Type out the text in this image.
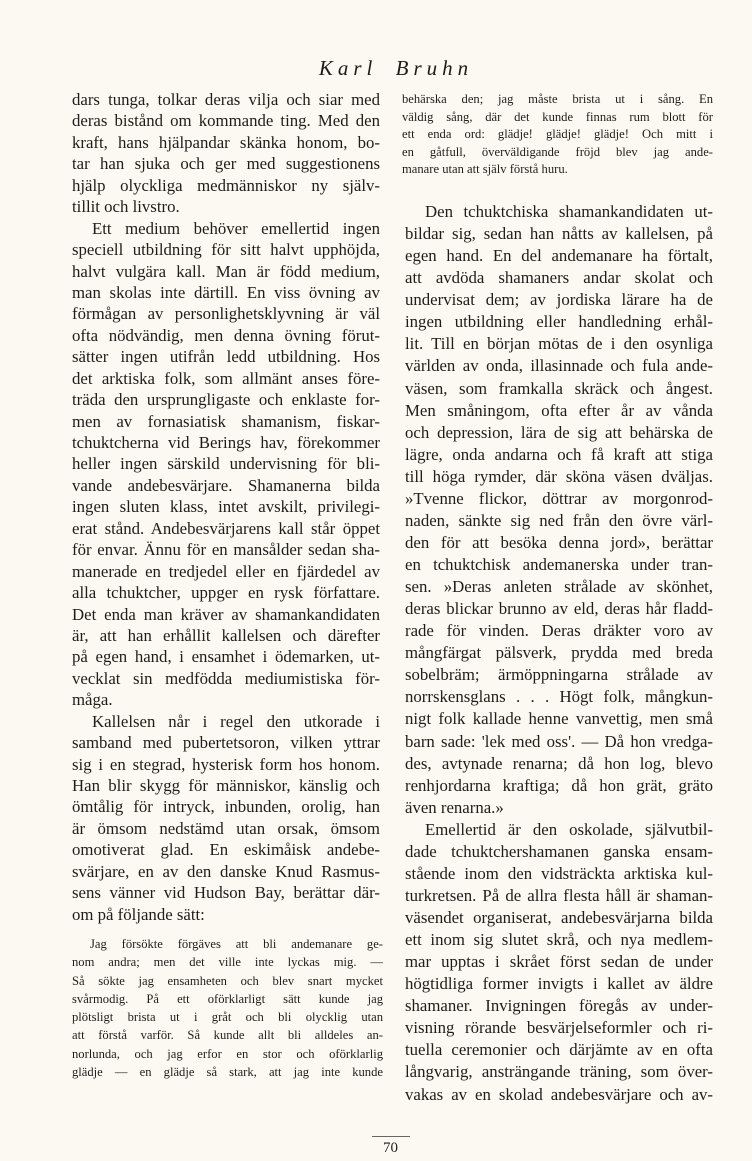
Karl Bruhn
dars tunga, tolkar deras vilja och siar med
deras bistånd om kommande ting. Med den
kraft, hans hjälpandar skänka honom, bo-
tar han sjuka och ger med suggestionens
hjälp olyckliga medmänniskor ny själv-
tillit och livstro.
Ett medium behöver emellertid ingen
speciell utbildning för sitt halvt upphöjda,
halvt vulgära kall. Man är född medium,
man skolas inte därtill. En viss övning av
förmågan av personlighetsklyvning är väl
ofta nödvändig, men denna övning förut-
sätter ingen utifrån ledd utbildning. Hos
det arktiska folk, som allmänt anses före-
träda den ursprungligaste och enklaste for-
men av fornasiatisk shamanism, fiskar-
tchuktcherna vid Berings hav, förekommer
heller ingen särskild undervisning för bli-
vande andebesvärjare. Shamanerna bilda
ingen sluten klass, intet avskilt, privilegi-
erat stånd. Andebesvärjarens kall står öppet
för envar. Ännu för en mansålder sedan sha-
manerade en tredjedel eller en fjärdedel av
alla tchuktcher, uppger en rysk författare.
Det enda man kräver av shamankandidaten
är, att han erhållit kallelsen och därefter
på egen hand, i ensamhet i ödemarken, ut-
vecklat sin medfödda mediumistiska för-
måga.
Kallelsen når i regel den utkorade i
samband med pubertetsoron, vilken yttrar
sig i en stegrad, hysterisk form hos honom.
Han blir skygg för människor, känslig och
ömtålig för intryck, inbunden, orolig, han
är ömsom nedstämd utan orsak, ömsom
omotiverat glad. En eskimåisk andebe-
svärjare, en av den danske Knud Rasmus-
sens vänner vid Hudson Bay, berättar där-
om på följande sätt:
Jag försökte förgäves att bli andemanare ge-
nom andra; men det ville inte lyckas mig. —
Så sökte jag ensamheten och blev snart mycket
svårmodig. På ett oförklarligt sätt kunde jag
plötsligt brista ut i gråt och bli olycklig utan
att förstå varför. Så kunde allt bli alldeles an-
norlunda, och jag erfor en stor och oförklarlig
glädje — en glädje så stark, att jag inte kunde
behärska den; jag måste brista ut i sång. En
väldig sång, där det kunde finnas rum blott för
ett enda ord: glädje! glädje! glädje! Och mitt i
en gåtfull, överväldigande fröjd blev jag ande-
manare utan att själv förstå huru.
Den tchuktchiska shamankandidaten ut-
bildar sig, sedan han nåtts av kallelsen, på
egen hand. En del andemanare ha förtalt,
att avdöda shamaners andar skolat och
undervisat dem; av jordiska lärare ha de
ingen utbildning eller handledning erhål-
lit. Till en början mötas de i den osynliga
världen av onda, illasinnade och fula ande-
väsen, som framkalla skräck och ångest.
Men småningom, ofta efter år av vånda
och depression, lära de sig att behärska de
lägre, onda andarna och få kraft att stiga
till höga rymder, där sköna väsen dväljas.
»Tvenne flickor, döttrar av morgonrod-
naden, sänkte sig ned från den övre värl-
den för att besöka denna jord», berättar
en tchuktchisk andemanerska under tran-
sen. »Deras anleten strålade av skönhet,
deras blickar brunno av eld, deras hår fladd-
rade för vinden. Deras dräkter voro av
mångfärgat pälsverk, prydda med breda
sobelbräm; ärmöppningarna strålade av
norrskensglans . . . Högt folk, mångkun-
nigt folk kallade henne vanvettig, men små
barn sade: 'lek med oss'. — Då hon vredga-
des, avtynade renarna; då hon log, blevo
renhjordarna kraftiga; då hon grät, gräto
även renarna.»
Emellertid är den oskolade, självutbil-
dade tchuktchershamanen ganska ensam-
stående inom den vidsträckta arktiska kul-
turkretsen. På de allra flesta håll är shaman-
väsendet organiserat, andebesvärjarna bilda
ett inom sig slutet skrå, och nya medlem-
mar upptas i skrået först sedan de under
högtidliga former invigts i kallet av äldre
shamaner. Invigningen föregås av under-
visning rörande besvärjelseformler och ri-
tuella ceremonier och därjämte av en ofta
långvarig, ansträngande träning, som över-
vakas av en skolad andebesvärjare och av-
70
